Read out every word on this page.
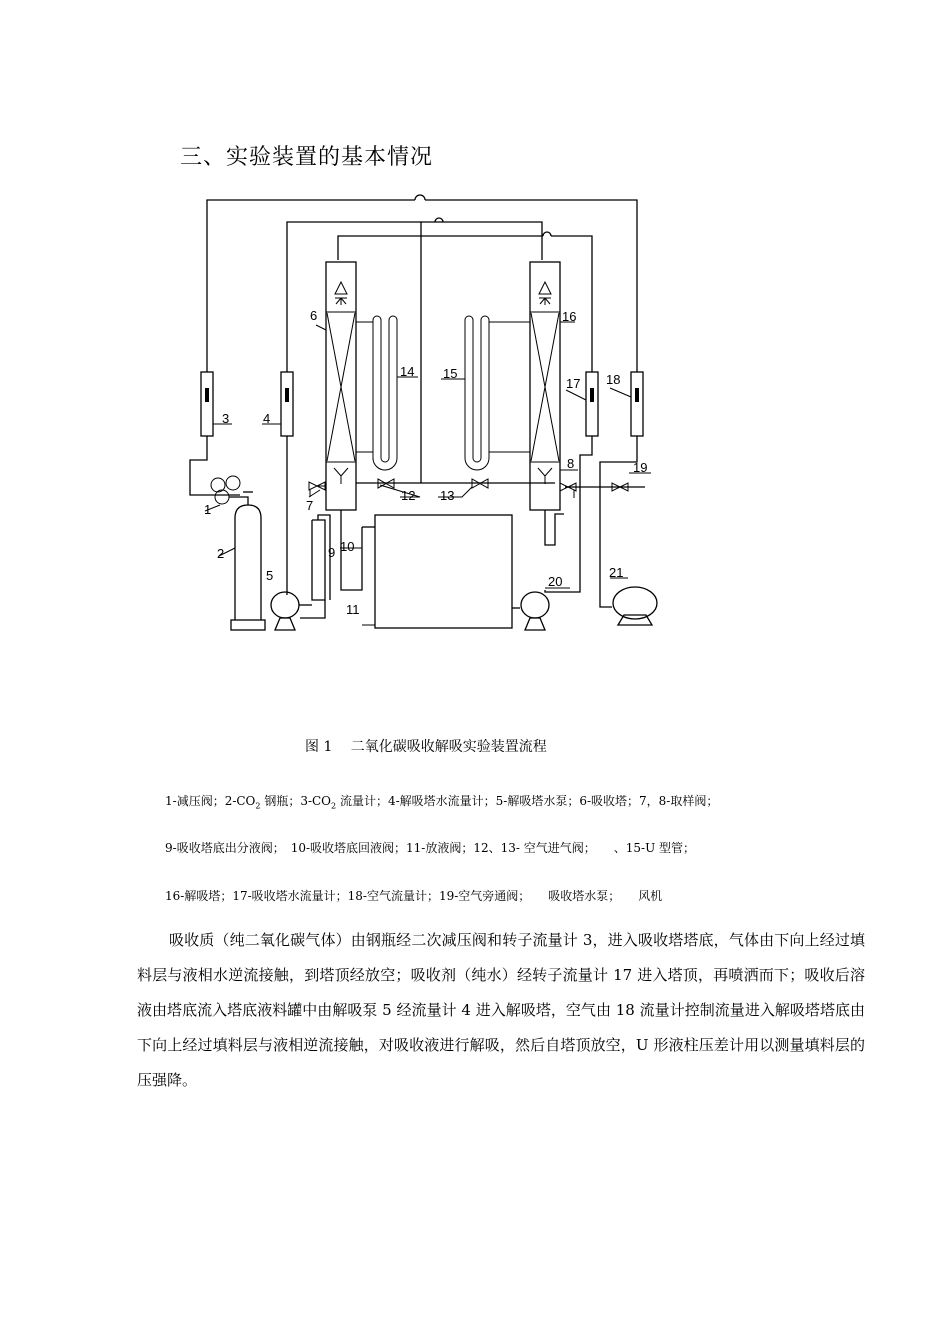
三、实验装置的基本情况
1
2
3	4
5
6
7
8
9 10
11
12 13
14 15
16
17 18
19
20
21
图 1　 二氧化碳吸收解吸实验装置流程
1-减压阀；$2-CO_2$ 钢瓶；$3-CO_2$ 流量计；4-解吸塔水流量计；5-解吸塔水泵；6-吸收塔；7，8-取样阀；
9-吸收塔底出分液阀；　10-吸收塔底回液阀；11-放液阀；12、13- 空气进气阀；　　、15-U 型管；
16-解吸塔；17-吸收塔水流量计；18-空气流量计；19-空气旁通阀；　　吸收塔水泵；　　风机
吸收质（纯二氧化碳气体）由钢瓶经二次减压阀和转子流量计 3，进入吸收塔塔底，气体由下向上经过填料层与液相水逆流接触，到塔顶经放空；吸收剂（纯水）经转子流量计 17 进入塔顶，再喷洒而下；吸收后溶液由塔底流入塔底液料罐中由解吸泵 5 经流量计 4 进入解吸塔，空气由 18 流量计控制流量进入解吸塔塔底由下向上经过填料层与液相逆流接触，对吸收液进行解吸，然后自塔顶放空，U 形液柱压差计用以测量填料层的压强降。
